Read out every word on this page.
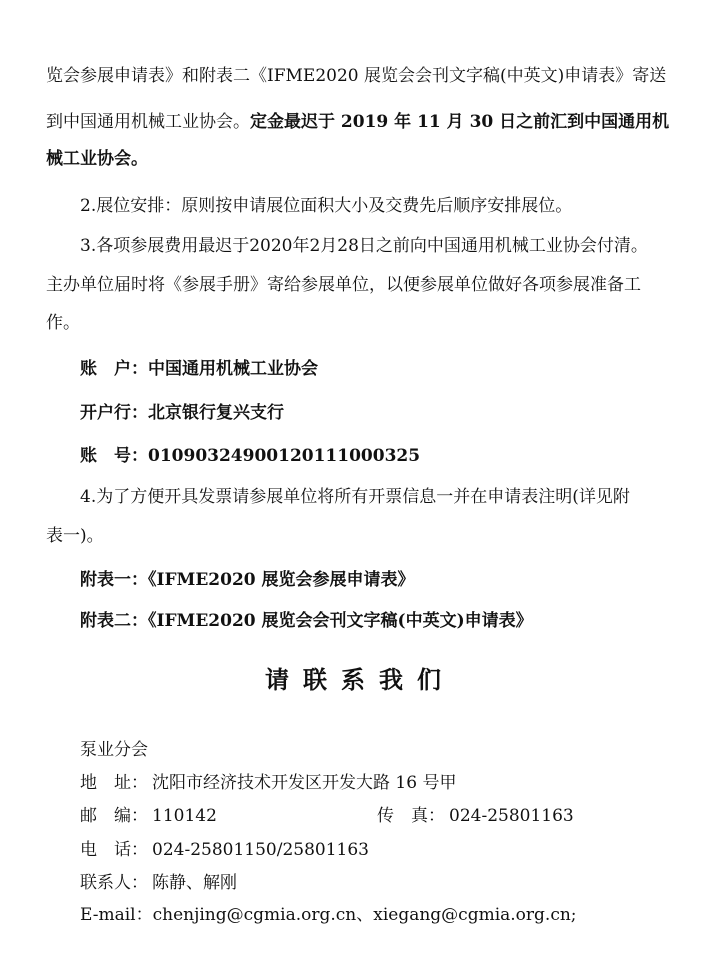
览会参展申请表》和附表二《IFME2020 展览会会刊文字稿(中英文)申请表》寄送
到中国通用机械工业协会。定金最迟于 2019 年 11 月 30 日之前汇到中国通用机
械工业协会。
2.展位安排：原则按申请展位面积大小及交费先后顺序安排展位。
3.各项参展费用最迟于2020年2月28日之前向中国通用机械工业协会付清。
主办单位届时将《参展手册》寄给参展单位，以便参展单位做好各项参展准备工
作。
账　户：中国通用机械工业协会
开户行：北京银行复兴支行
账　号：01090324900120111000325
4.为了方便开具发票请参展单位将所有开票信息一并在申请表注明(详见附
表一)。
附表一：《IFME2020 展览会参展申请表》
附表二：《IFME2020 展览会会刊文字稿(中英文)申请表》
请联系我们
泵业分会
地　址： 沈阳市经济技术开发区开发大路 16 号甲
邮　编： 110142	传　真： 024-25801163
电　话： 024-25801150/25801163
联系人： 陈静、解刚
E-mail：chenjing@cgmia.org.cn、xiegang@cgmia.org.cn;
